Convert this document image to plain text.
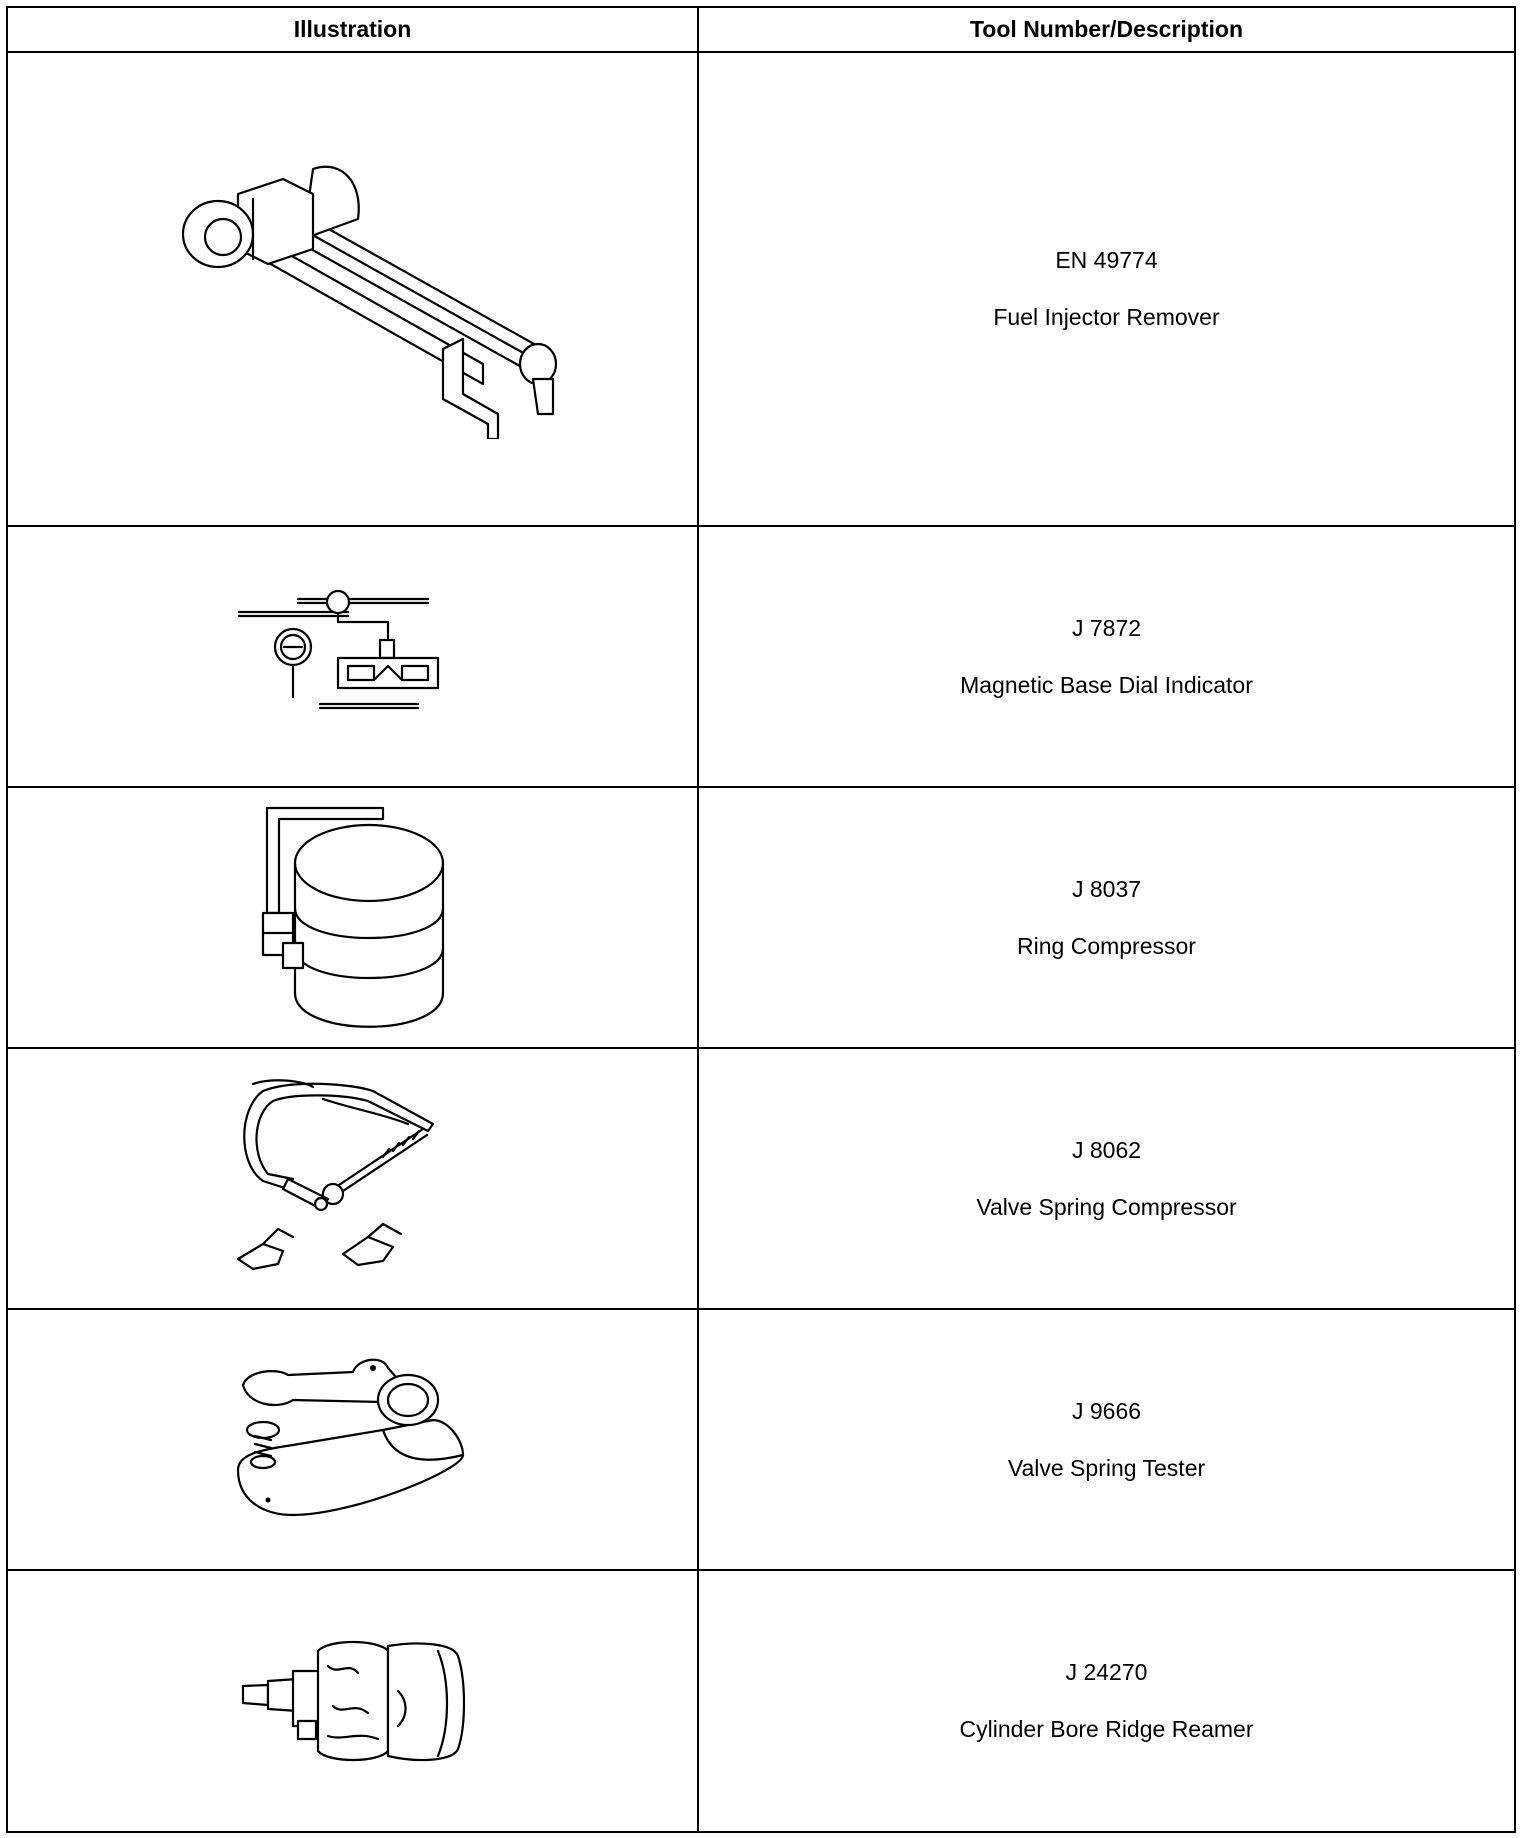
Illustration	Tool Number/Description

EN 49774
Fuel Injector Remover

J 7872
Magnetic Base Dial Indicator

J 8037
Ring Compressor

J 8062
Valve Spring Compressor

J 9666
Valve Spring Tester

J 24270
Cylinder Bore Ridge Reamer
